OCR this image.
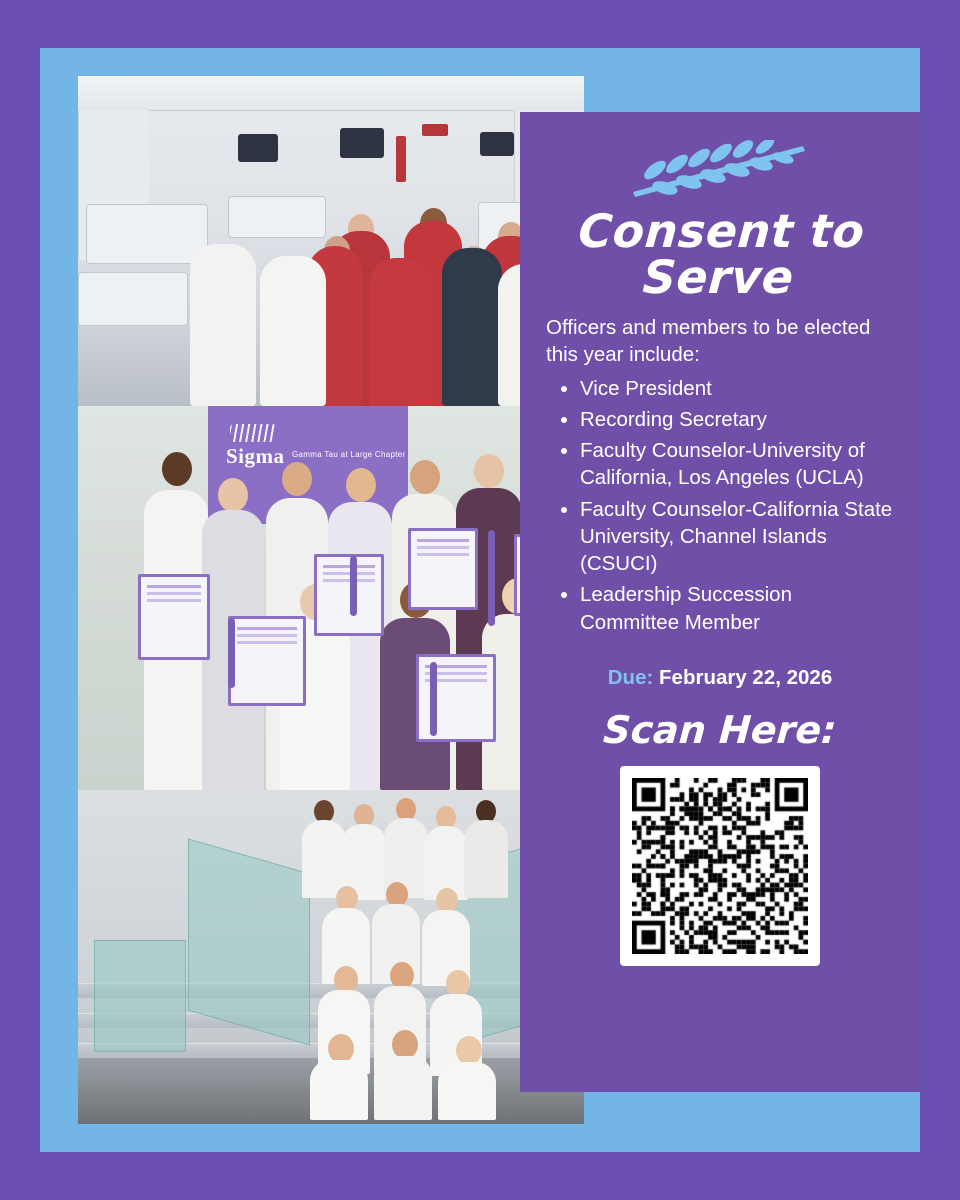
Sigma Gamma Tau at Large Chapter
Consent to Serve

Officers and members to be elected this year include:

• Vice President
• Recording Secretary
• Faculty Counselor-University of California, Los Angeles (UCLA)
• Faculty Counselor-California State University, Channel Islands (CSUCI)
• Leadership Succession Committee Member
Due: February 22, 2026
Scan Here:
